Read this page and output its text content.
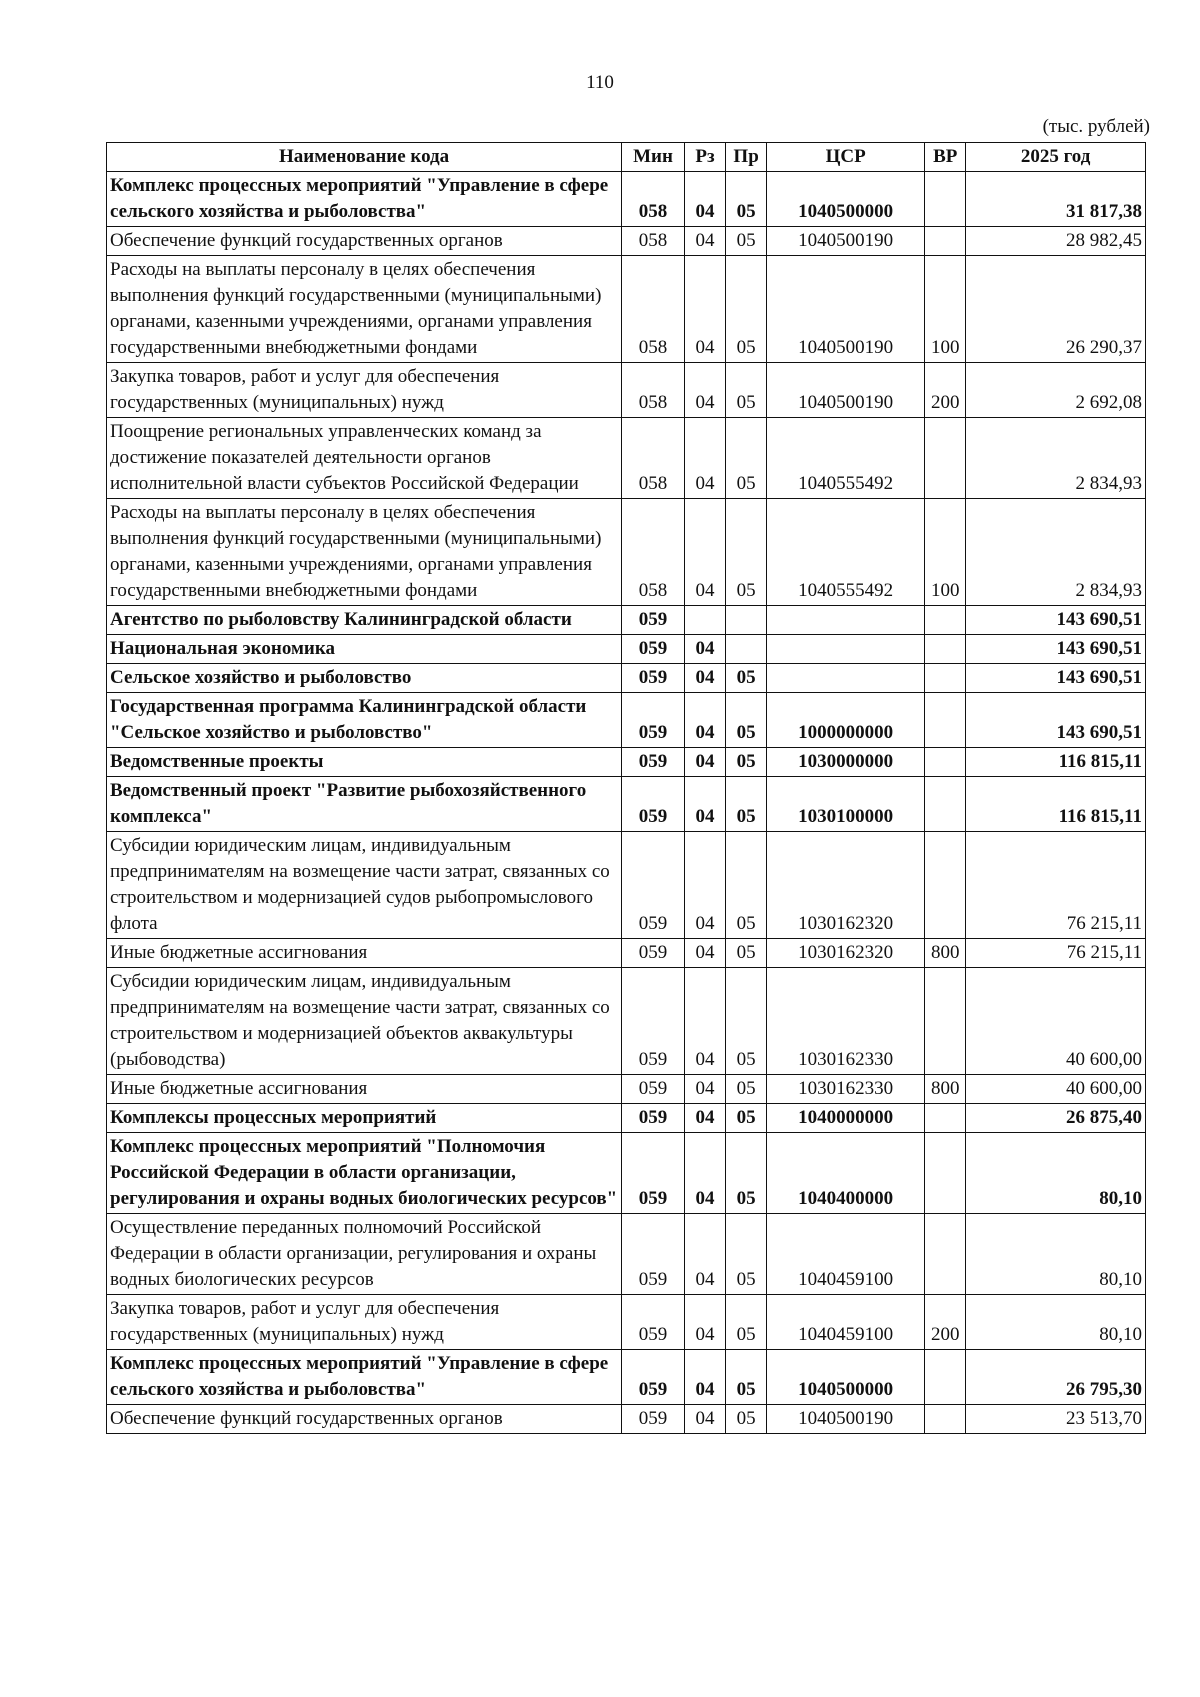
110
(тыс. рублей)
Наименование кода	Мин	Рз	Пр	ЦСР	ВР	2025 год
Комплекс процессных мероприятий "Управление в сфере сельского хозяйства и рыболовства"	058	04	05	1040500000		31 817,38
Обеспечение функций государственных органов	058	04	05	1040500190		28 982,45
Расходы на выплаты персоналу в целях обеспечения выполнения функций государственными (муниципальными) органами, казенными учреждениями, органами управления государственными внебюджетными фондами	058	04	05	1040500190	100	26 290,37
Закупка товаров, работ и услуг для обеспечения государственных (муниципальных) нужд	058	04	05	1040500190	200	2 692,08
Поощрение региональных управленческих команд за достижение показателей деятельности органов исполнительной власти субъектов Российской Федерации	058	04	05	1040555492		2 834,93
Расходы на выплаты персоналу в целях обеспечения выполнения функций государственными (муниципальными) органами, казенными учреждениями, органами управления государственными внебюджетными фондами	058	04	05	1040555492	100	2 834,93
Агентство по рыболовству Калининградской области	059					143 690,51
Национальная экономика	059	04				143 690,51
Сельское хозяйство и рыболовство	059	04	05			143 690,51
Государственная программа Калининградской области "Сельское хозяйство и рыболовство"	059	04	05	1000000000		143 690,51
Ведомственные проекты	059	04	05	1030000000		116 815,11
Ведомственный проект "Развитие рыбохозяйственного комплекса"	059	04	05	1030100000		116 815,11
Субсидии юридическим лицам, индивидуальным предпринимателям на возмещение части затрат, связанных со строительством и модернизацией судов рыбопромыслового флота	059	04	05	1030162320		76 215,11
Иные бюджетные ассигнования	059	04	05	1030162320	800	76 215,11
Субсидии юридическим лицам, индивидуальным предпринимателям на возмещение части затрат, связанных со строительством и модернизацией объектов аквакультуры (рыбоводства)	059	04	05	1030162330		40 600,00
Иные бюджетные ассигнования	059	04	05	1030162330	800	40 600,00
Комплексы процессных мероприятий	059	04	05	1040000000		26 875,40
Комплекс процессных мероприятий "Полномочия Российской Федерации в области организации, регулирования и охраны водных биологических ресурсов"	059	04	05	1040400000		80,10
Осуществление переданных полномочий Российской Федерации в области организации, регулирования и охраны водных биологических ресурсов	059	04	05	1040459100		80,10
Закупка товаров, работ и услуг для обеспечения государственных (муниципальных) нужд	059	04	05	1040459100	200	80,10
Комплекс процессных мероприятий "Управление в сфере сельского хозяйства и рыболовства"	059	04	05	1040500000		26 795,30
Обеспечение функций государственных органов	059	04	05	1040500190		23 513,70
